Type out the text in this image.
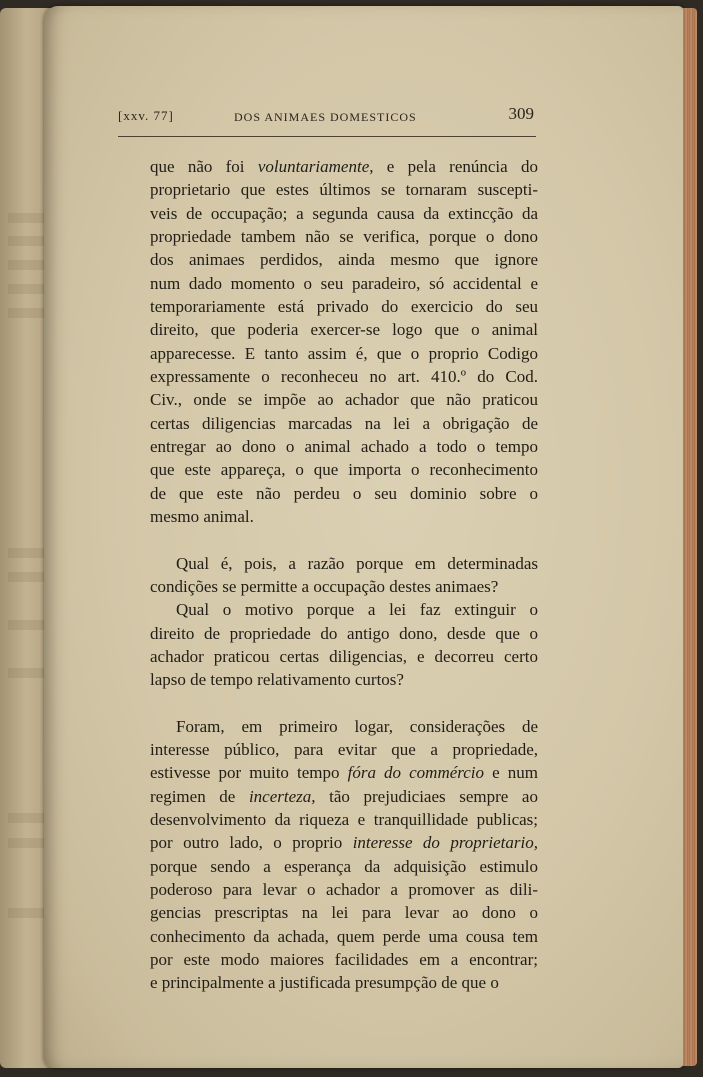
[xxv. 77]	DOS ANIMAES DOMESTICOS	309

que não foi voluntariamente, e pela renúncia do
proprietario que estes últimos se tornaram suscepti-
veis de occupação; a segunda causa da extincção da
propriedade tambem não se verifica, porque o dono
dos animaes perdidos, ainda mesmo que ignore
num dado momento o seu paradeiro, só accidental e
temporariamente está privado do exercicio do seu
direito, que poderia exercer-se logo que o animal
apparecesse. E tanto assim é, que o proprio Codigo
expressamente o reconheceu no art. 410.º do Cod.
Civ., onde se impõe ao achador que não praticou
certas diligencias marcadas na lei a obrigação de
entregar ao dono o animal achado a todo o tempo
que este appareça, o que importa o reconhecimento
de que este não perdeu o seu dominio sobre o
mesmo animal.

Qual é, pois, a razão porque em determinadas
condições se permitte a occupação destes animaes?

Qual o motivo porque a lei faz extinguir o
direito de propriedade do antigo dono, desde que o
achador praticou certas diligencias, e decorreu certo
lapso de tempo relativamento curtos?

Foram, em primeiro logar, considerações de
interesse público, para evitar que a propriedade,
estivesse por muito tempo fóra do commércio e num
regimen de incerteza, tão prejudiciaes sempre ao
desenvolvimento da riqueza e tranquillidade publicas;
por outro lado, o proprio interesse do proprietario,
porque sendo a esperança da adquisição estimulo
poderoso para levar o achador a promover as dili-
gencias prescriptas na lei para levar ao dono o
conhecimento da achada, quem perde uma cousa tem
por este modo maiores facilidades em a encontrar;
e principalmente a justificada presumpção de que o
